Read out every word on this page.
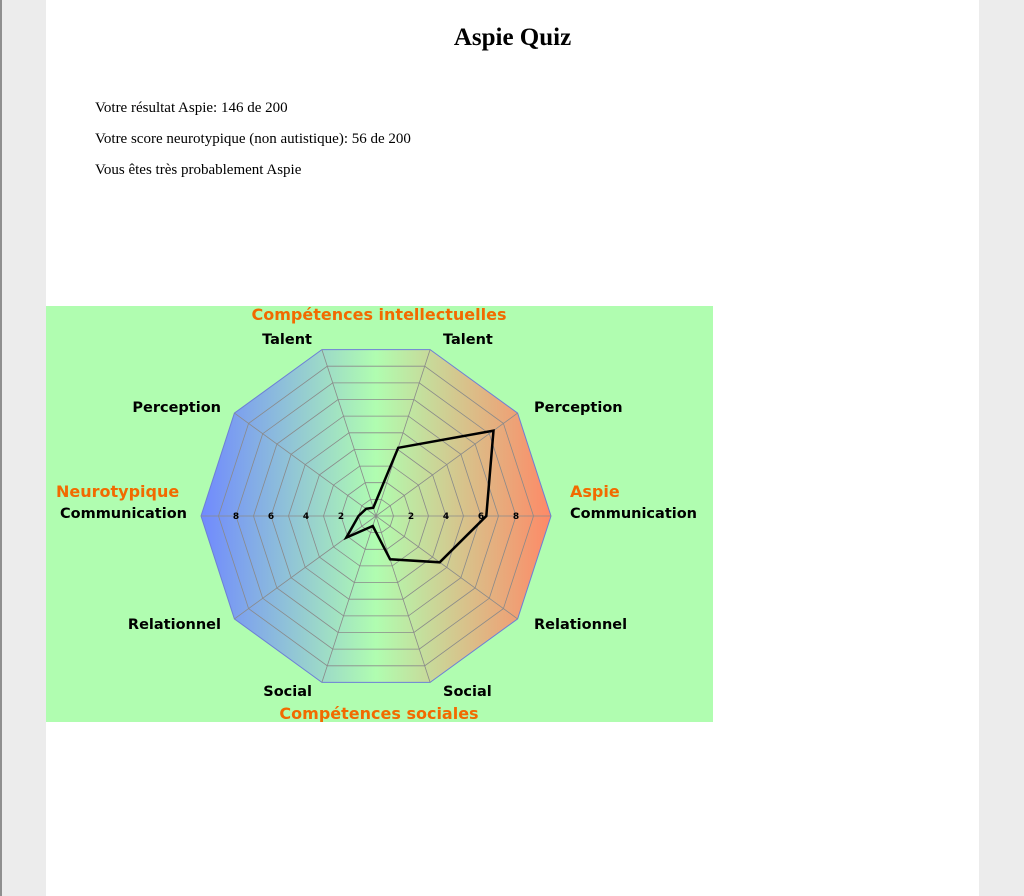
Aspie Quiz
Votre résultat Aspie: 146 de 200
Votre score neurotypique (non autistique): 56 de 200
Vous êtes très probablement Aspie
2
2	4
4	6
6	8
8
Compétences intellectuelles
Compétences sociales
Neurotypique	Aspie
Communication
Perception
Talent
Talent
Perception
Communication
Relationnel
Social	Social
Relationnel
